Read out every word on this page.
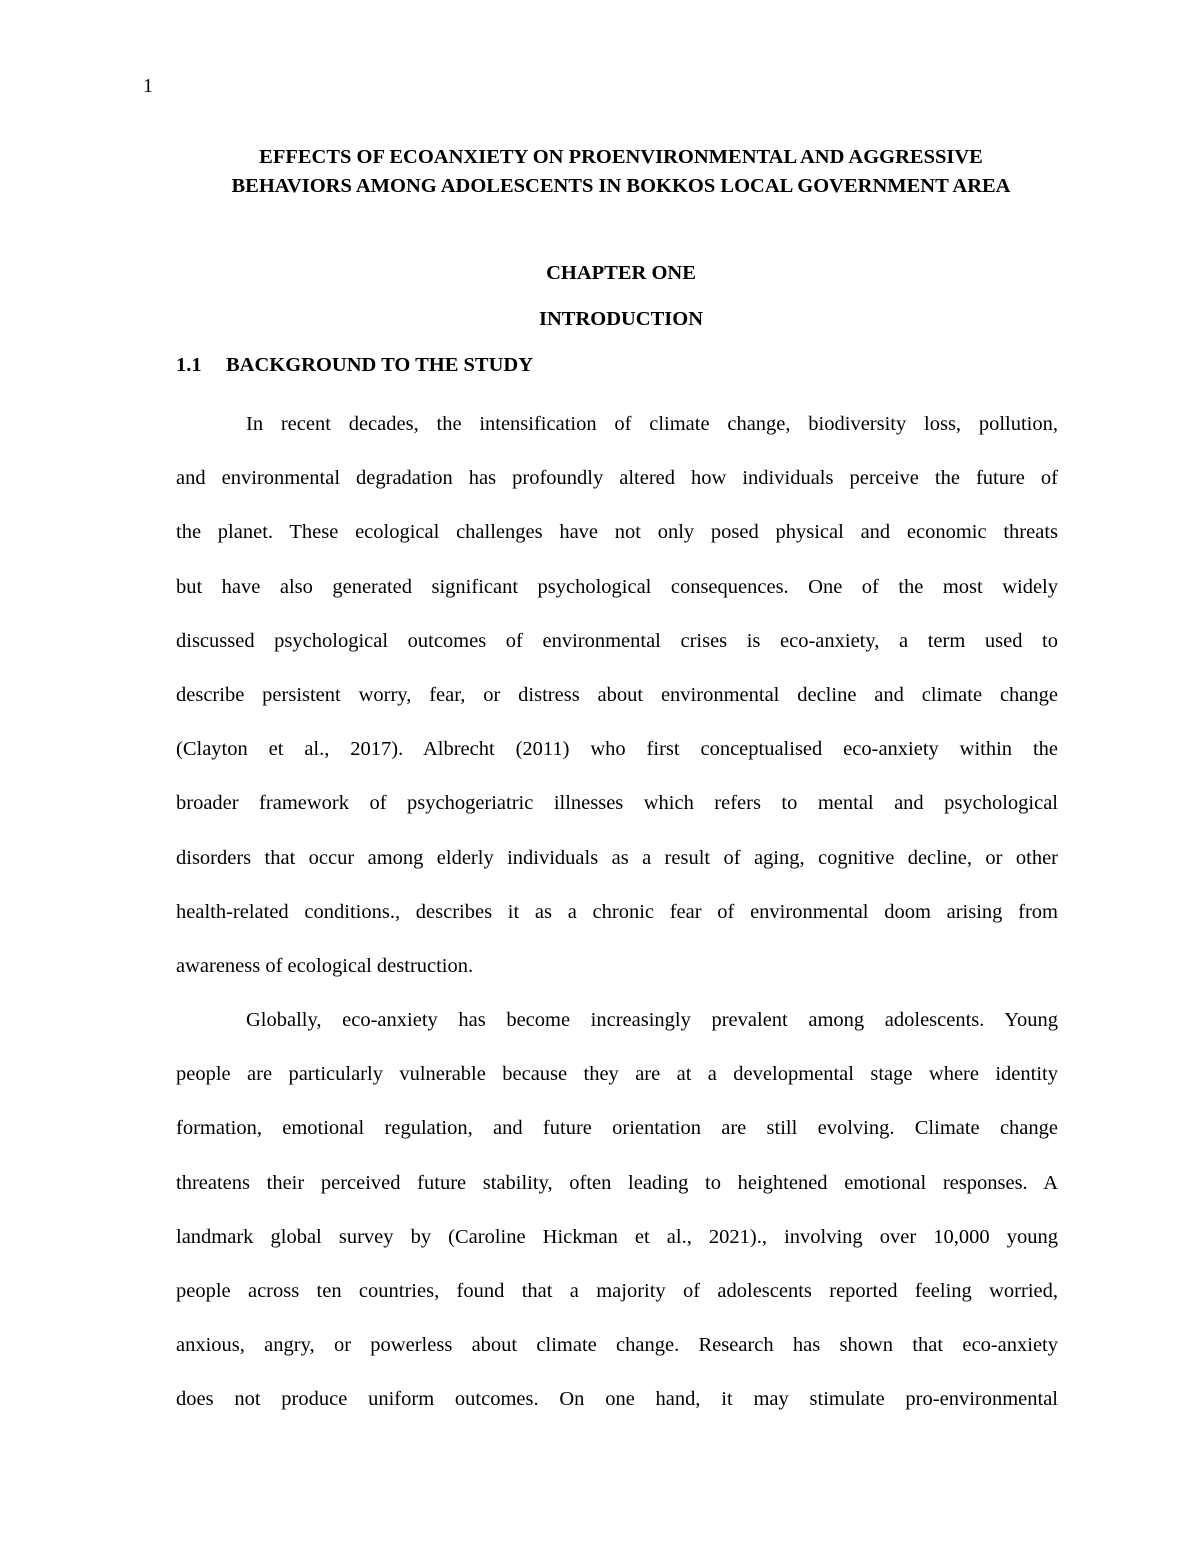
1
EFFECTS OF ECOANXIETY ON PROENVIRONMENTAL AND AGGRESSIVE
BEHAVIORS AMONG ADOLESCENTS IN BOKKOS LOCAL GOVERNMENT AREA
CHAPTER ONE
INTRODUCTION
1.1 BACKGROUND TO THE STUDY
In recent decades, the intensification of climate change, biodiversity loss, pollution,
and environmental degradation has profoundly altered how individuals perceive the future of
the planet. These ecological challenges have not only posed physical and economic threats
but have also generated significant psychological consequences. One of the most widely
discussed psychological outcomes of environmental crises is eco-anxiety, a term used to
describe persistent worry, fear, or distress about environmental decline and climate change
(Clayton et al., 2017). Albrecht (2011) who first conceptualised eco-anxiety within the
broader framework of psychogeriatric illnesses which refers to mental and psychological
disorders that occur among elderly individuals as a result of aging, cognitive decline, or other
health-related conditions., describes it as a chronic fear of environmental doom arising from
awareness of ecological destruction.
Globally, eco-anxiety has become increasingly prevalent among adolescents. Young
people are particularly vulnerable because they are at a developmental stage where identity
formation, emotional regulation, and future orientation are still evolving. Climate change
threatens their perceived future stability, often leading to heightened emotional responses. A
landmark global survey by (Caroline Hickman et al., 2021)., involving over 10,000 young
people across ten countries, found that a majority of adolescents reported feeling worried,
anxious, angry, or powerless about climate change. Research has shown that eco-anxiety
does not produce uniform outcomes. On one hand, it may stimulate pro-environmental
